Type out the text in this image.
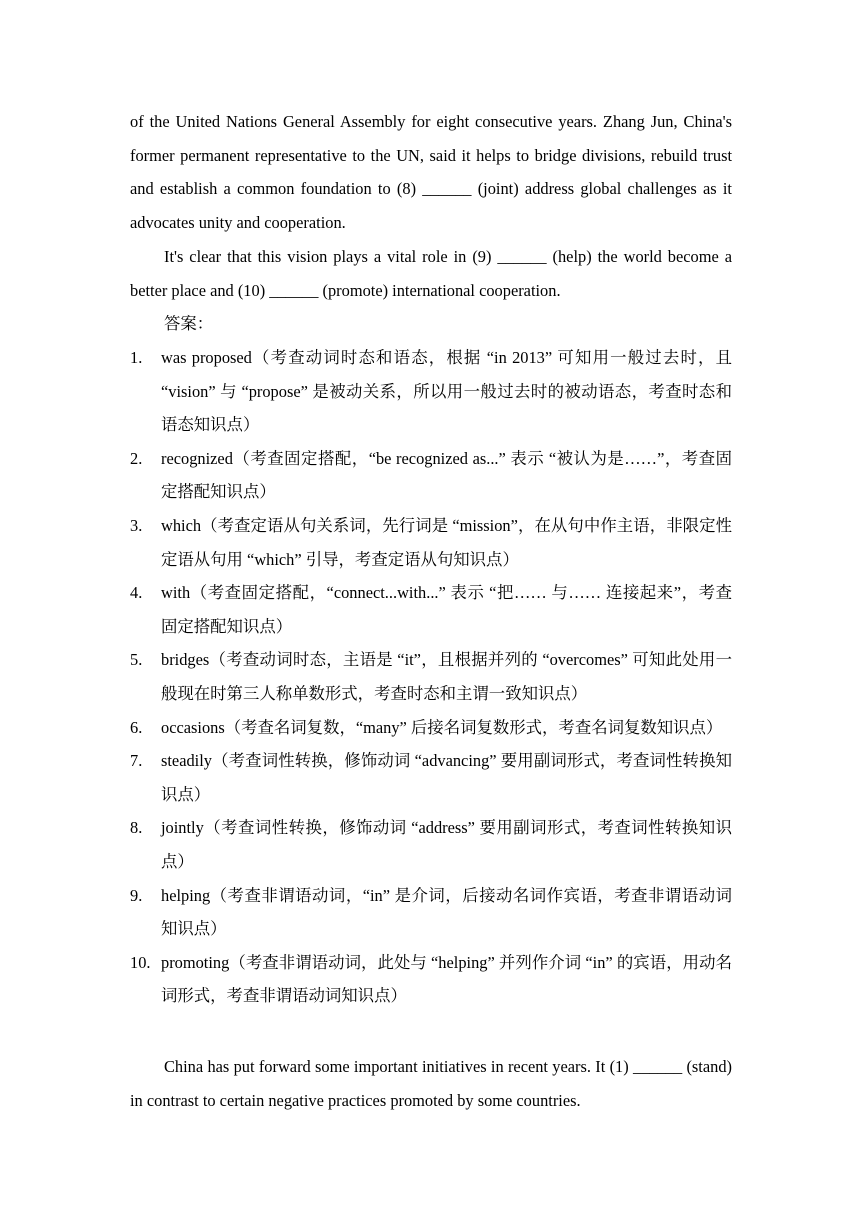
of the United Nations General Assembly for eight consecutive years. Zhang Jun, China's former permanent representative to the UN, said it helps to bridge divisions, rebuild trust and establish a common foundation to (8) ______ (joint) address global challenges as it advocates unity and cooperation.

It's clear that this vision plays a vital role in (9) ______ (help) the world become a better place and (10) ______ (promote) international cooperation.

答案：
1. was proposed（考查动词时态和语态，根据 “in 2013” 可知用一般过去时，且 “vision” 与 “propose” 是被动关系，所以用一般过去时的被动语态，考查时态和语态知识点）
2. recognized（考查固定搭配，“be recognized as...” 表示 “被认为是……”，考查固定搭配知识点）
3. which（考查定语从句关系词，先行词是 “mission”，在从句中作主语，非限定性定语从句用 “which” 引导，考查定语从句知识点）
4. with（考查固定搭配，“connect...with...” 表示 “把…… 与…… 连接起来”，考查固定搭配知识点）
5. bridges（考查动词时态，主语是 “it”，且根据并列的 “overcomes” 可知此处用一般现在时第三人称单数形式，考查时态和主谓一致知识点）
6. occasions（考查名词复数，“many” 后接名词复数形式，考查名词复数知识点）
7. steadily（考查词性转换，修饰动词 “advancing” 要用副词形式，考查词性转换知识点）
8. jointly（考查词性转换，修饰动词 “address” 要用副词形式，考查词性转换知识点）
9. helping（考查非谓语动词，“in” 是介词，后接动名词作宾语，考查非谓语动词知识点）
10. promoting（考查非谓语动词，此处与 “helping” 并列作介词 “in” 的宾语，用动名词形式，考查非谓语动词知识点）

China has put forward some important initiatives in recent years. It (1) ______ (stand) in contrast to certain negative practices promoted by some countries.
